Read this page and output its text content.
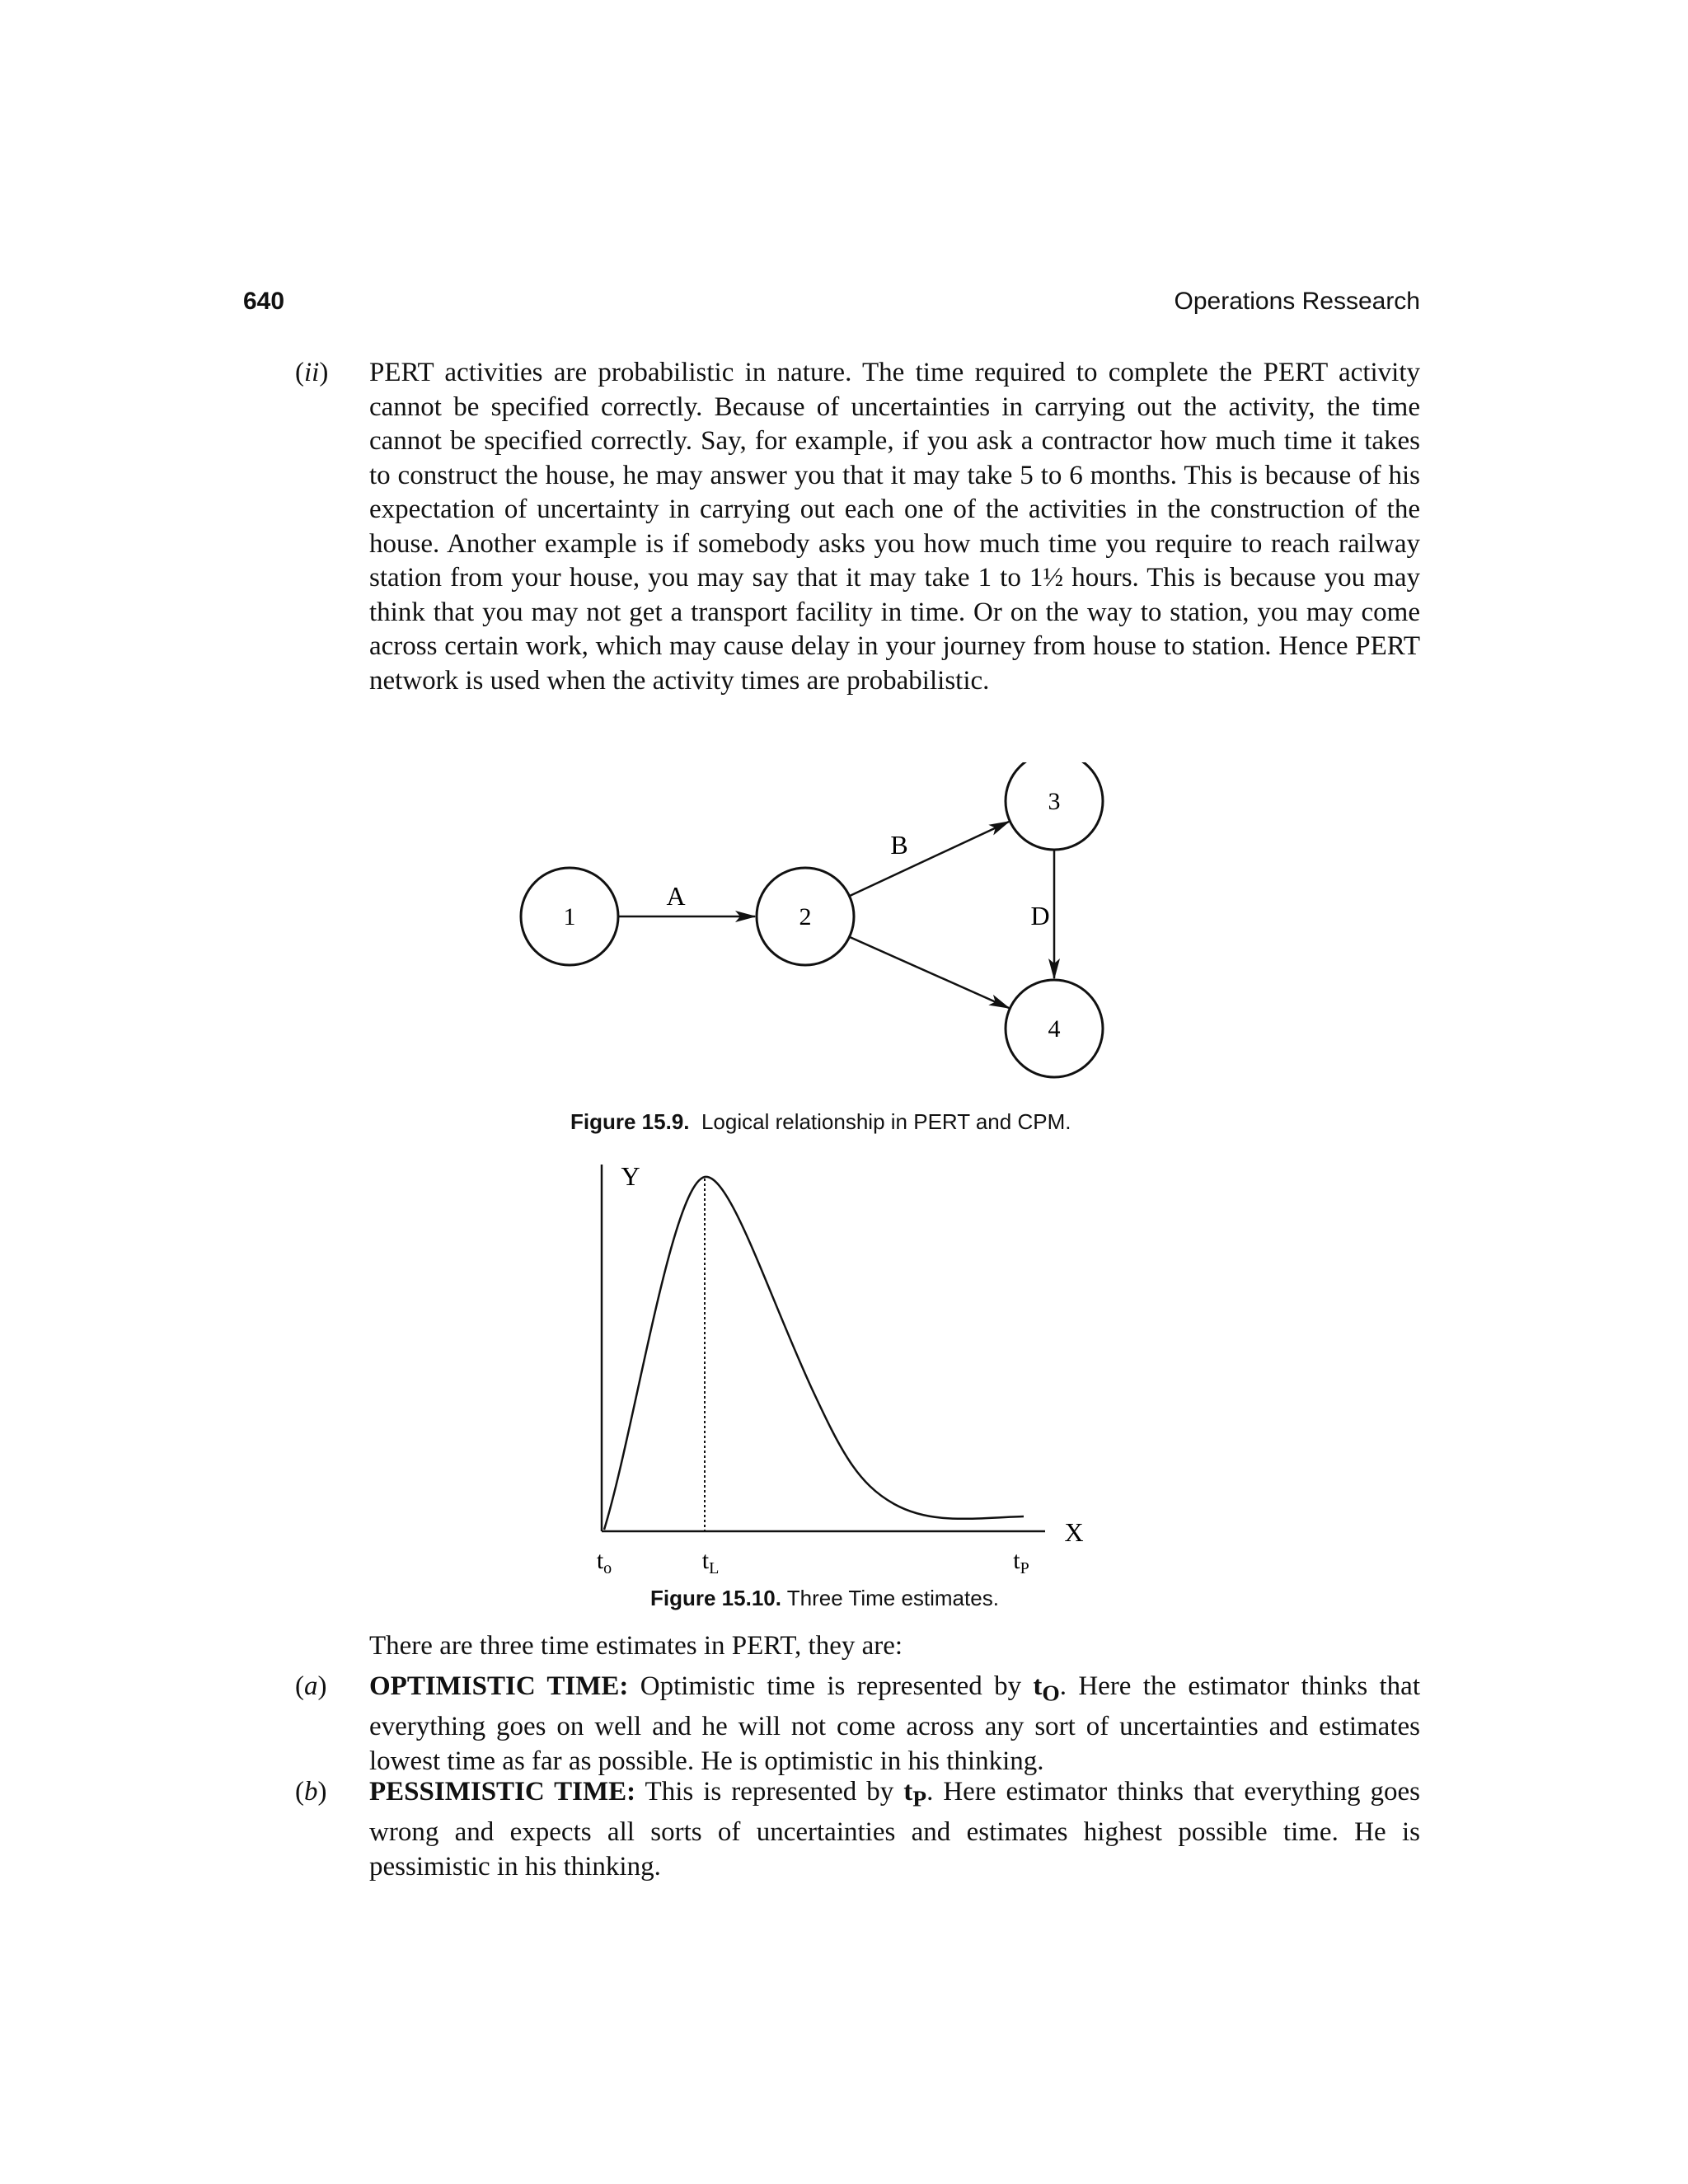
640	Operations Ressearch
(ii) PERT activities are probabilistic in nature. The time required to complete the PERT activity cannot be specified correctly. Because of uncertainties in carrying out the activity, the time cannot be specified correctly. Say, for example, if you ask a contractor how much time it takes to construct the house, he may answer you that it may take 5 to 6 months. This is because of his expectation of uncertainty in carrying out each one of the activities in the construction of the house. Another example is if somebody asks you how much time you require to reach railway station from your house, you may say that it may take 1 to 1½ hours. This is because you may think that you may not get a transport facility in time. Or on the way to station, you may come across certain work, which may cause delay in your journey from house to station. Hence PERT network is used when the activity times are probabilistic.

1	2
3
4
A
B
D
Figure 15.9. Logical relationship in PERT and CPM.
Y
X
$t_o$	$t_L$	$t_P$
Figure 15.10. Three Time estimates.

There are three time estimates in PERT, they are:

(a) OPTIMISTIC TIME: Optimistic time is represented by $t_O$. Here the estimator thinks that everything goes on well and he will not come across any sort of uncertainties and estimates lowest time as far as possible. He is optimistic in his thinking.

(b) PESSIMISTIC TIME: This is represented by $t_P$. Here estimator thinks that everything goes wrong and expects all sorts of uncertainties and estimates highest possible time. He is pessimistic in his thinking.
